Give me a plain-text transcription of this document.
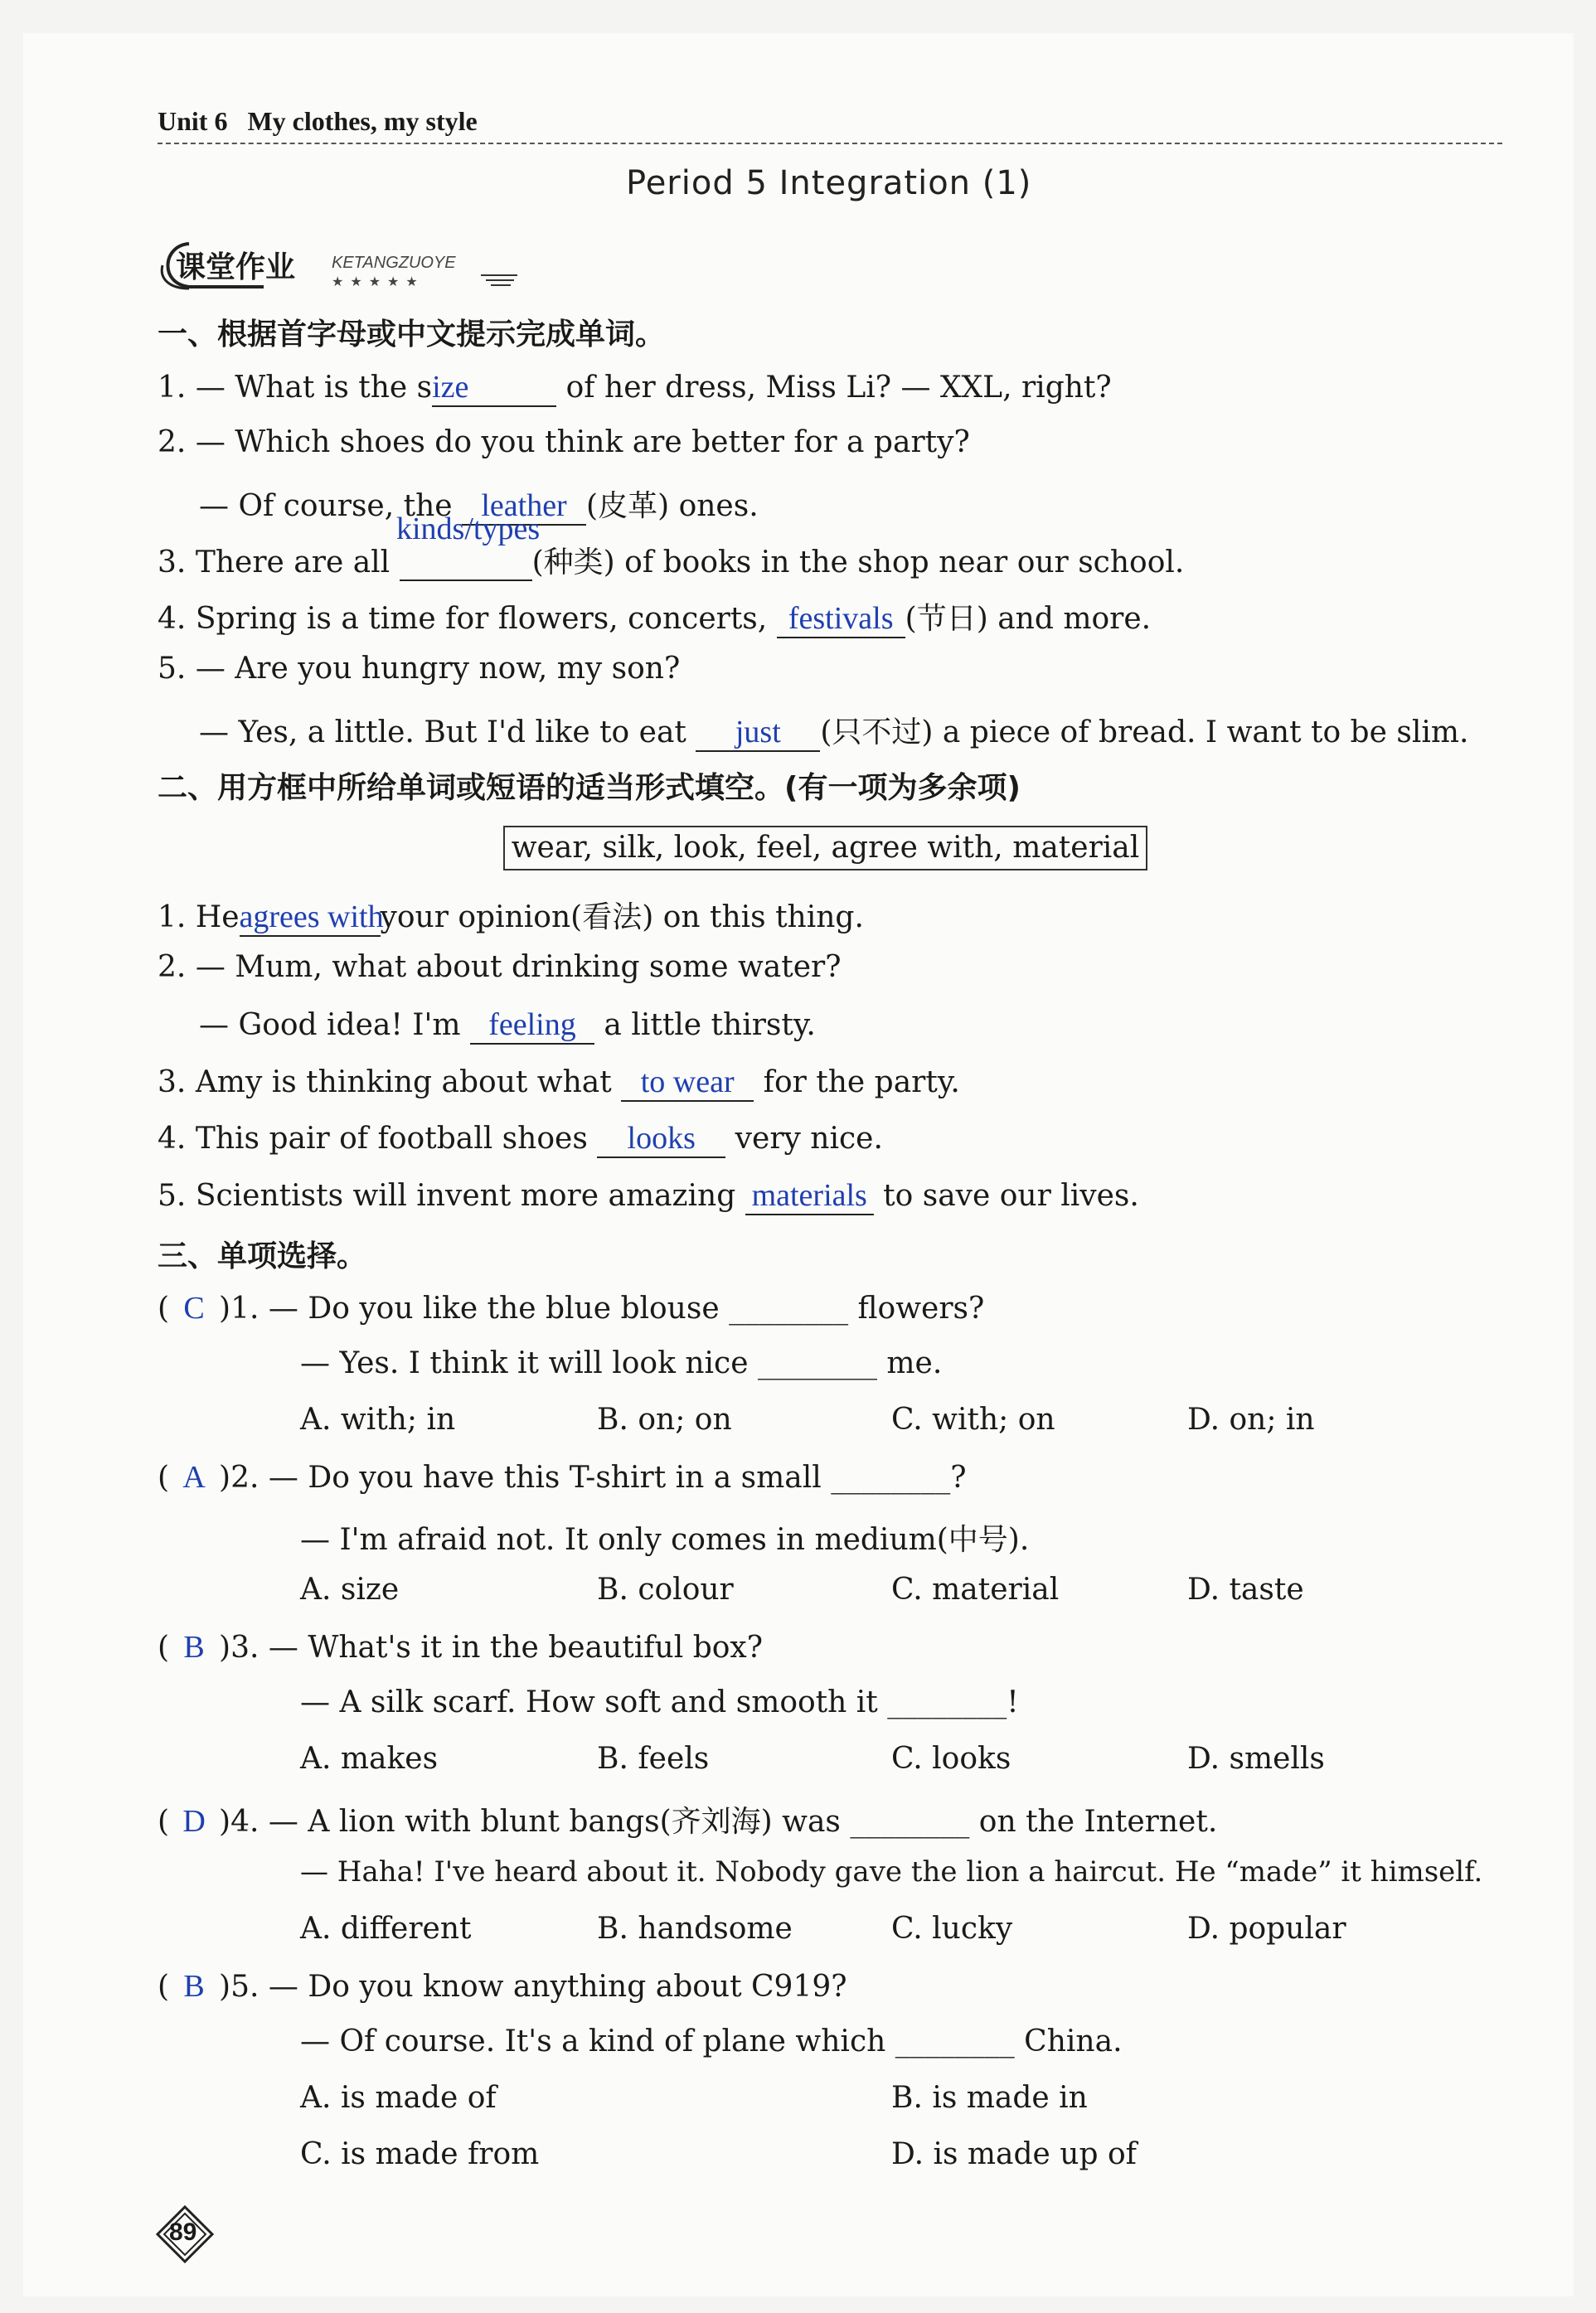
Unit 6 My clothes, my style
Period 5 Integration (1)
课堂作业 KETANGZUOYE
★★★★★
一、根据首字母或中文提示完成单词。
1. — What is the size	of her dress, Miss Li? — XXL, right?
2. — Which shoes do you think are better for a party?
— Of course, the leather (皮革) ones.
kinds/types
3. There are all	(种类) of books in the shop near our school.
4. Spring is a time for flowers, concerts, festivals (节日) and more.
5. — Are you hungry now, my son?
— Yes, a little. But I'd like to eat just (只不过) a piece of bread. I want to be slim.
二、用方框中所给单词或短语的适当形式填空。(有一项为多余项)
wear, silk, look, feel, agree with, material
1. Heagrees withyour opinion(看法) on this thing.
2. — Mum, what about drinking some water?
— Good idea! I'm feeling a little thirsty.
3. Amy is thinking about what to wear for the party.
4. This pair of football shoes looks very nice.
5. Scientists will invent more amazing materials to save our lives.
三、单项选择。
( C )1. — Do you like the blue blouse ________ flowers?
— Yes. I think it will look nice ________ me.
A. with; in	B. on; on	C. with; on	D. on; in
( A )2. — Do you have this T-shirt in a small ________?
— I'm afraid not. It only comes in medium(中号).
A. size	B. colour	C. material	D. taste
( B )3. — What's it in the beautiful box?
— A silk scarf. How soft and smooth it ________!
A. makes	B. feels	C. looks	D. smells
( D )4. — A lion with blunt bangs(齐刘海) was ________ on the Internet.
— Haha! I've heard about it. Nobody gave the lion a haircut. He “made” it himself.
A. different	B. handsome	C. lucky	D. popular
( B )5. — Do you know anything about C919?
— Of course. It's a kind of plane which ________ China.
A. is made of	B. is made in
C. is made from	D. is made up of
89
